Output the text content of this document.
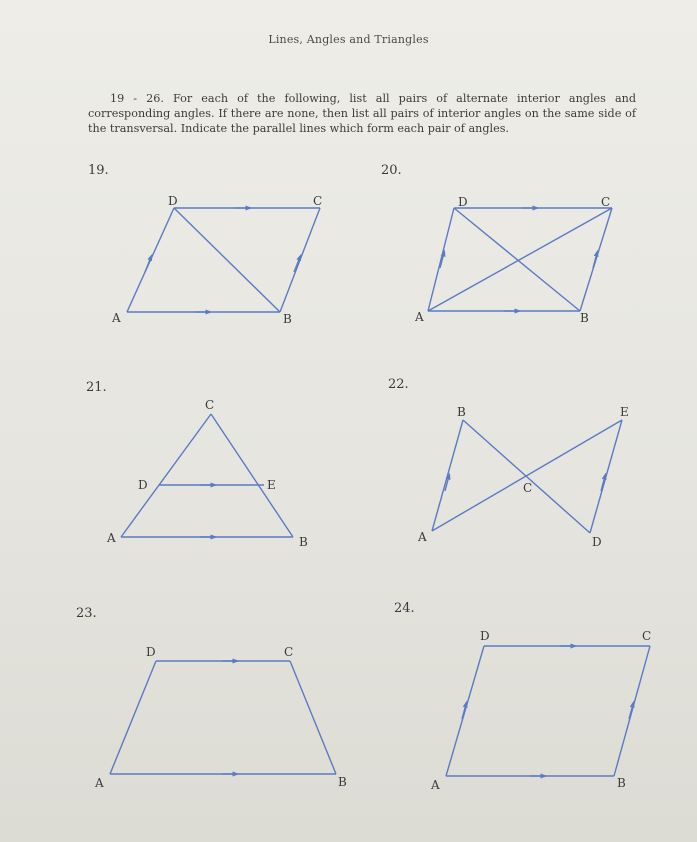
Lines, Angles and Triangles
19 - 26. For each of the following, list all pairs of alternate interior angles and corresponding angles. If there are none, then list all pairs of interior angles on the same side of the transversal. Indicate the parallel lines which form each pair of angles.
19.	20.
21.	22.
23.	24.
A	B
C
D
A	B
C
D
A	B
C
D	E
A
B
C
D
E
A	B
C
D
A	B
C
D
